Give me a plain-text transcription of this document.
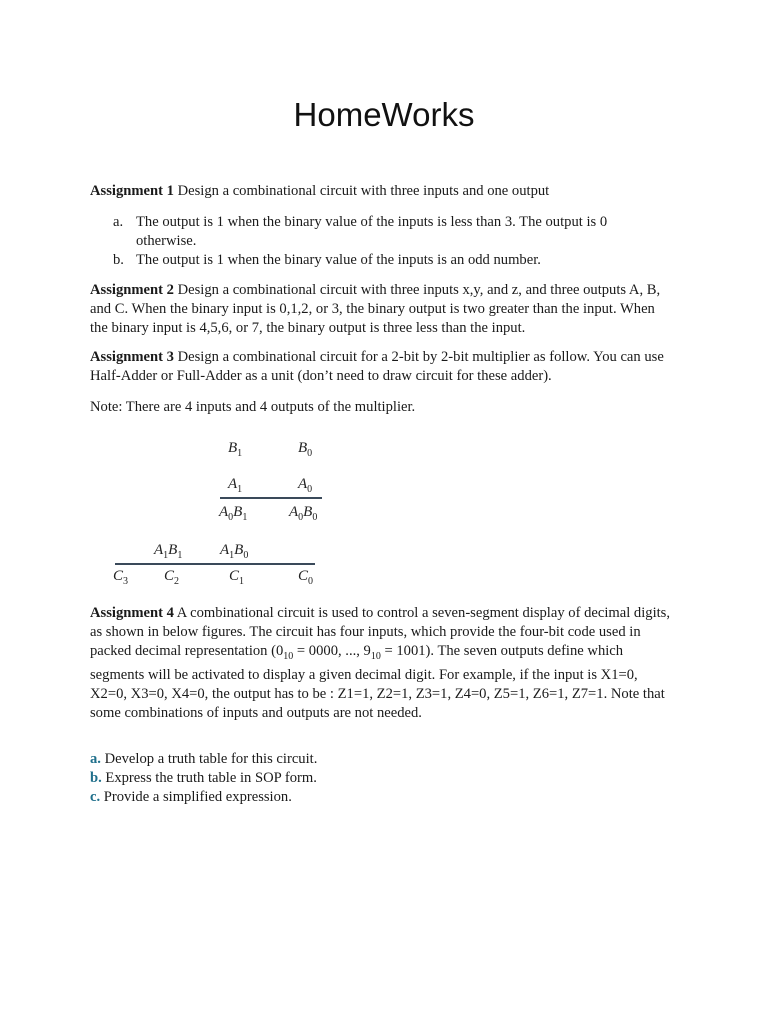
HomeWorks
Assignment 1 Design a combinational circuit with three inputs and one output
a. The output is 1 when the binary value of the inputs is less than 3. The output is 0 otherwise.
b. The output is 1 when the binary value of the inputs is an odd number.
Assignment 2 Design a combinational circuit with three inputs x,y, and z, and three outputs A, B, and C. When the binary input is 0,1,2, or 3, the binary output is two greater than the input. When the binary input is 4,5,6, or 7, the binary output is three less than the input.
Assignment 3 Design a combinational circuit for a 2-bit by 2-bit multiplier as follow. You can use Half-Adder or Full-Adder as a unit (don’t need to draw circuit for these adder).
Note: There are 4 inputs and 4 outputs of the multiplier.
$B_1$	$B_0$
$A_1$	$A_0$
$A_0B_1$	$A_0B_0$
$A_1B_1$	$A_1B_0$
$C_3$ $C_2$	$C_1$	$C_0$
Assignment 4 A combinational circuit is used to control a seven-segment display of decimal digits, as shown in below figures. The circuit has four inputs, which provide the four-bit code used in packed decimal representation ($0_{10} = 0000$, ..., $9_{10} = 1001$). The seven outputs define which segments will be activated to display a given decimal digit. For example, if the input is X1=0, X2=0, X3=0, X4=0, the output has to be : Z1=1, Z2=1, Z3=1, Z4=0, Z5=1, Z6=1, Z7=1. Note that some combinations of inputs and outputs are not needed.
a. Develop a truth table for this circuit.
b. Express the truth table in SOP form.
c. Provide a simplified expression.
